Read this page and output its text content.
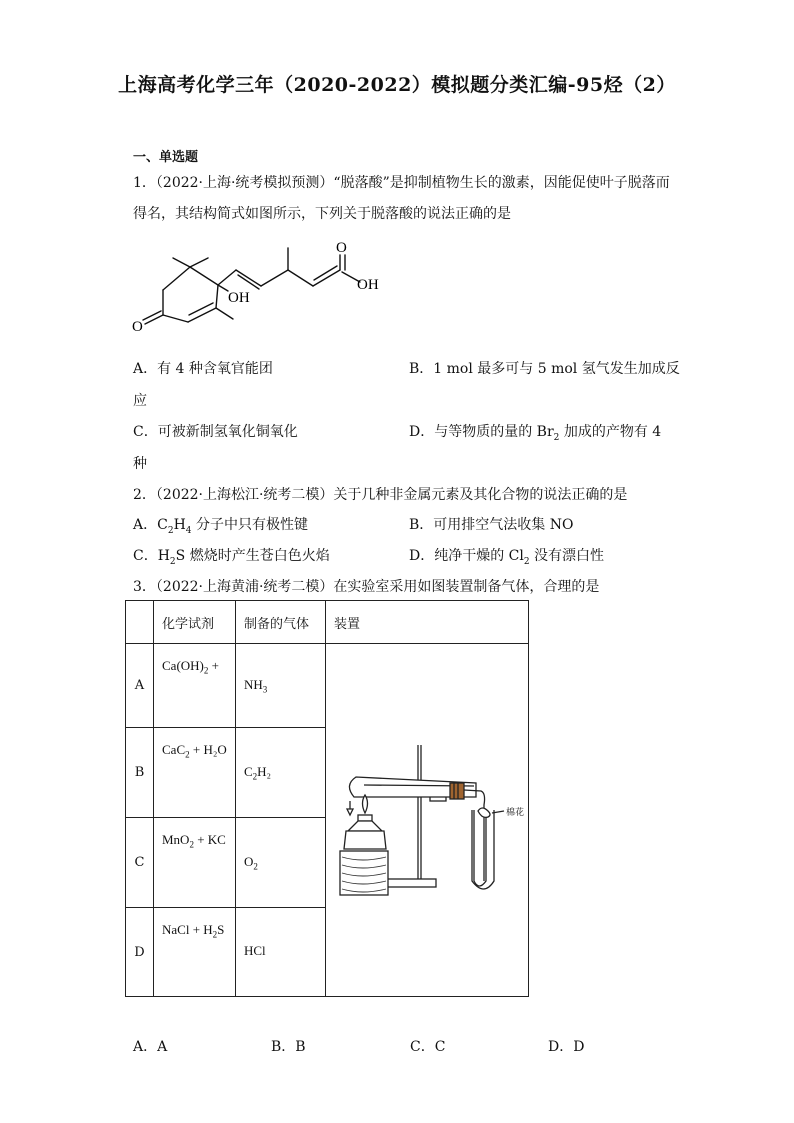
上海高考化学三年（2020-2022）模拟题分类汇编-95烃（2）
一、单选题
1．（2022·上海·统考模拟预测）“脱落酸”是抑制植物生长的激素，因能促使叶子脱落而
得名，其结构简式如图所示，下列关于脱落酸的说法正确的是
O
OH
OH
O
A．有 4 种含氧官能团	B．1 mol 最多可与 5 mol 氢气发生加成反
应
C．可被新制氢氧化铜氧化	D．与等物质的量的 $Br_2$ 加成的产物有 4
种
2．（2022·上海松江·统考二模）关于几种非金属元素及其化合物的说法正确的是
A．$C_2H_4$ 分子中只有极性键	B．可用排空气法收集 NO
C．$H_2S$ 燃烧时产生苍白色火焰	D．纯净干燥的 $Cl_2$ 没有漂白性
3．（2022·上海黄浦·统考二模）在实验室采用如图装置制备气体，合理的是
	化学试剂	制备的气体	装置
A	$Ca(OH)_2$ +	$NH_3$	棉花

B	CaC$_2$ + H₂O	$C_2H_2$	
C	MnO$_2$ + KC	$O_2$
D	NaCl + $H_2S$	HCl	
A．A	B．B	C．C	D．D
